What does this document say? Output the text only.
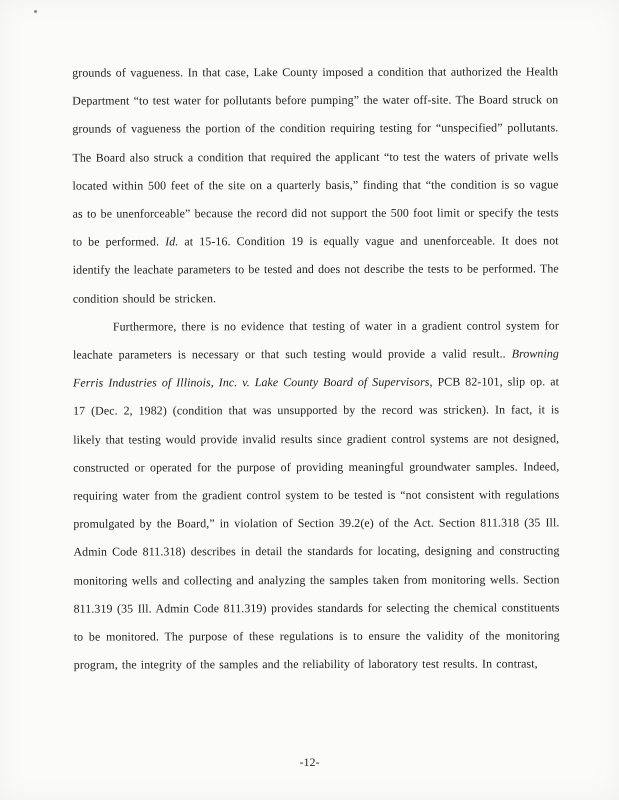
grounds of vagueness. In that case, Lake County imposed a condition that authorized the Health Department “to test water for pollutants before pumping” the water off-site. The Board struck on grounds of vagueness the portion of the condition requiring testing for “unspecified” pollutants. The Board also struck a condition that required the applicant “to test the waters of private wells located within 500 feet of the site on a quarterly basis,” finding that “the condition is so vague as to be unenforceable” because the record did not support the 500 foot limit or specify the tests to be performed. Id. at 15-16. Condition 19 is equally vague and unenforceable. It does not identify the leachate parameters to be tested and does not describe the tests to be performed. The condition should be stricken.

Furthermore, there is no evidence that testing of water in a gradient control system for leachate parameters is necessary or that such testing would provide a valid result.. Browning Ferris Industries of Illinois, Inc. v. Lake County Board of Supervisors, PCB 82-101, slip op. at 17 (Dec. 2, 1982) (condition that was unsupported by the record was stricken). In fact, it is likely that testing would provide invalid results since gradient control systems are not designed, constructed or operated for the purpose of providing meaningful groundwater samples. Indeed, requiring water from the gradient control system to be tested is “not consistent with regulations promulgated by the Board,” in violation of Section 39.2(e) of the Act. Section 811.318 (35 Ill. Admin Code 811.318) describes in detail the standards for locating, designing and constructing monitoring wells and collecting and analyzing the samples taken from monitoring wells. Section 811.319 (35 Ill. Admin Code 811.319) provides standards for selecting the chemical constituents to be monitored. The purpose of these regulations is to ensure the validity of the monitoring program, the integrity of the samples and the reliability of laboratory test results. In contrast,

-12-
